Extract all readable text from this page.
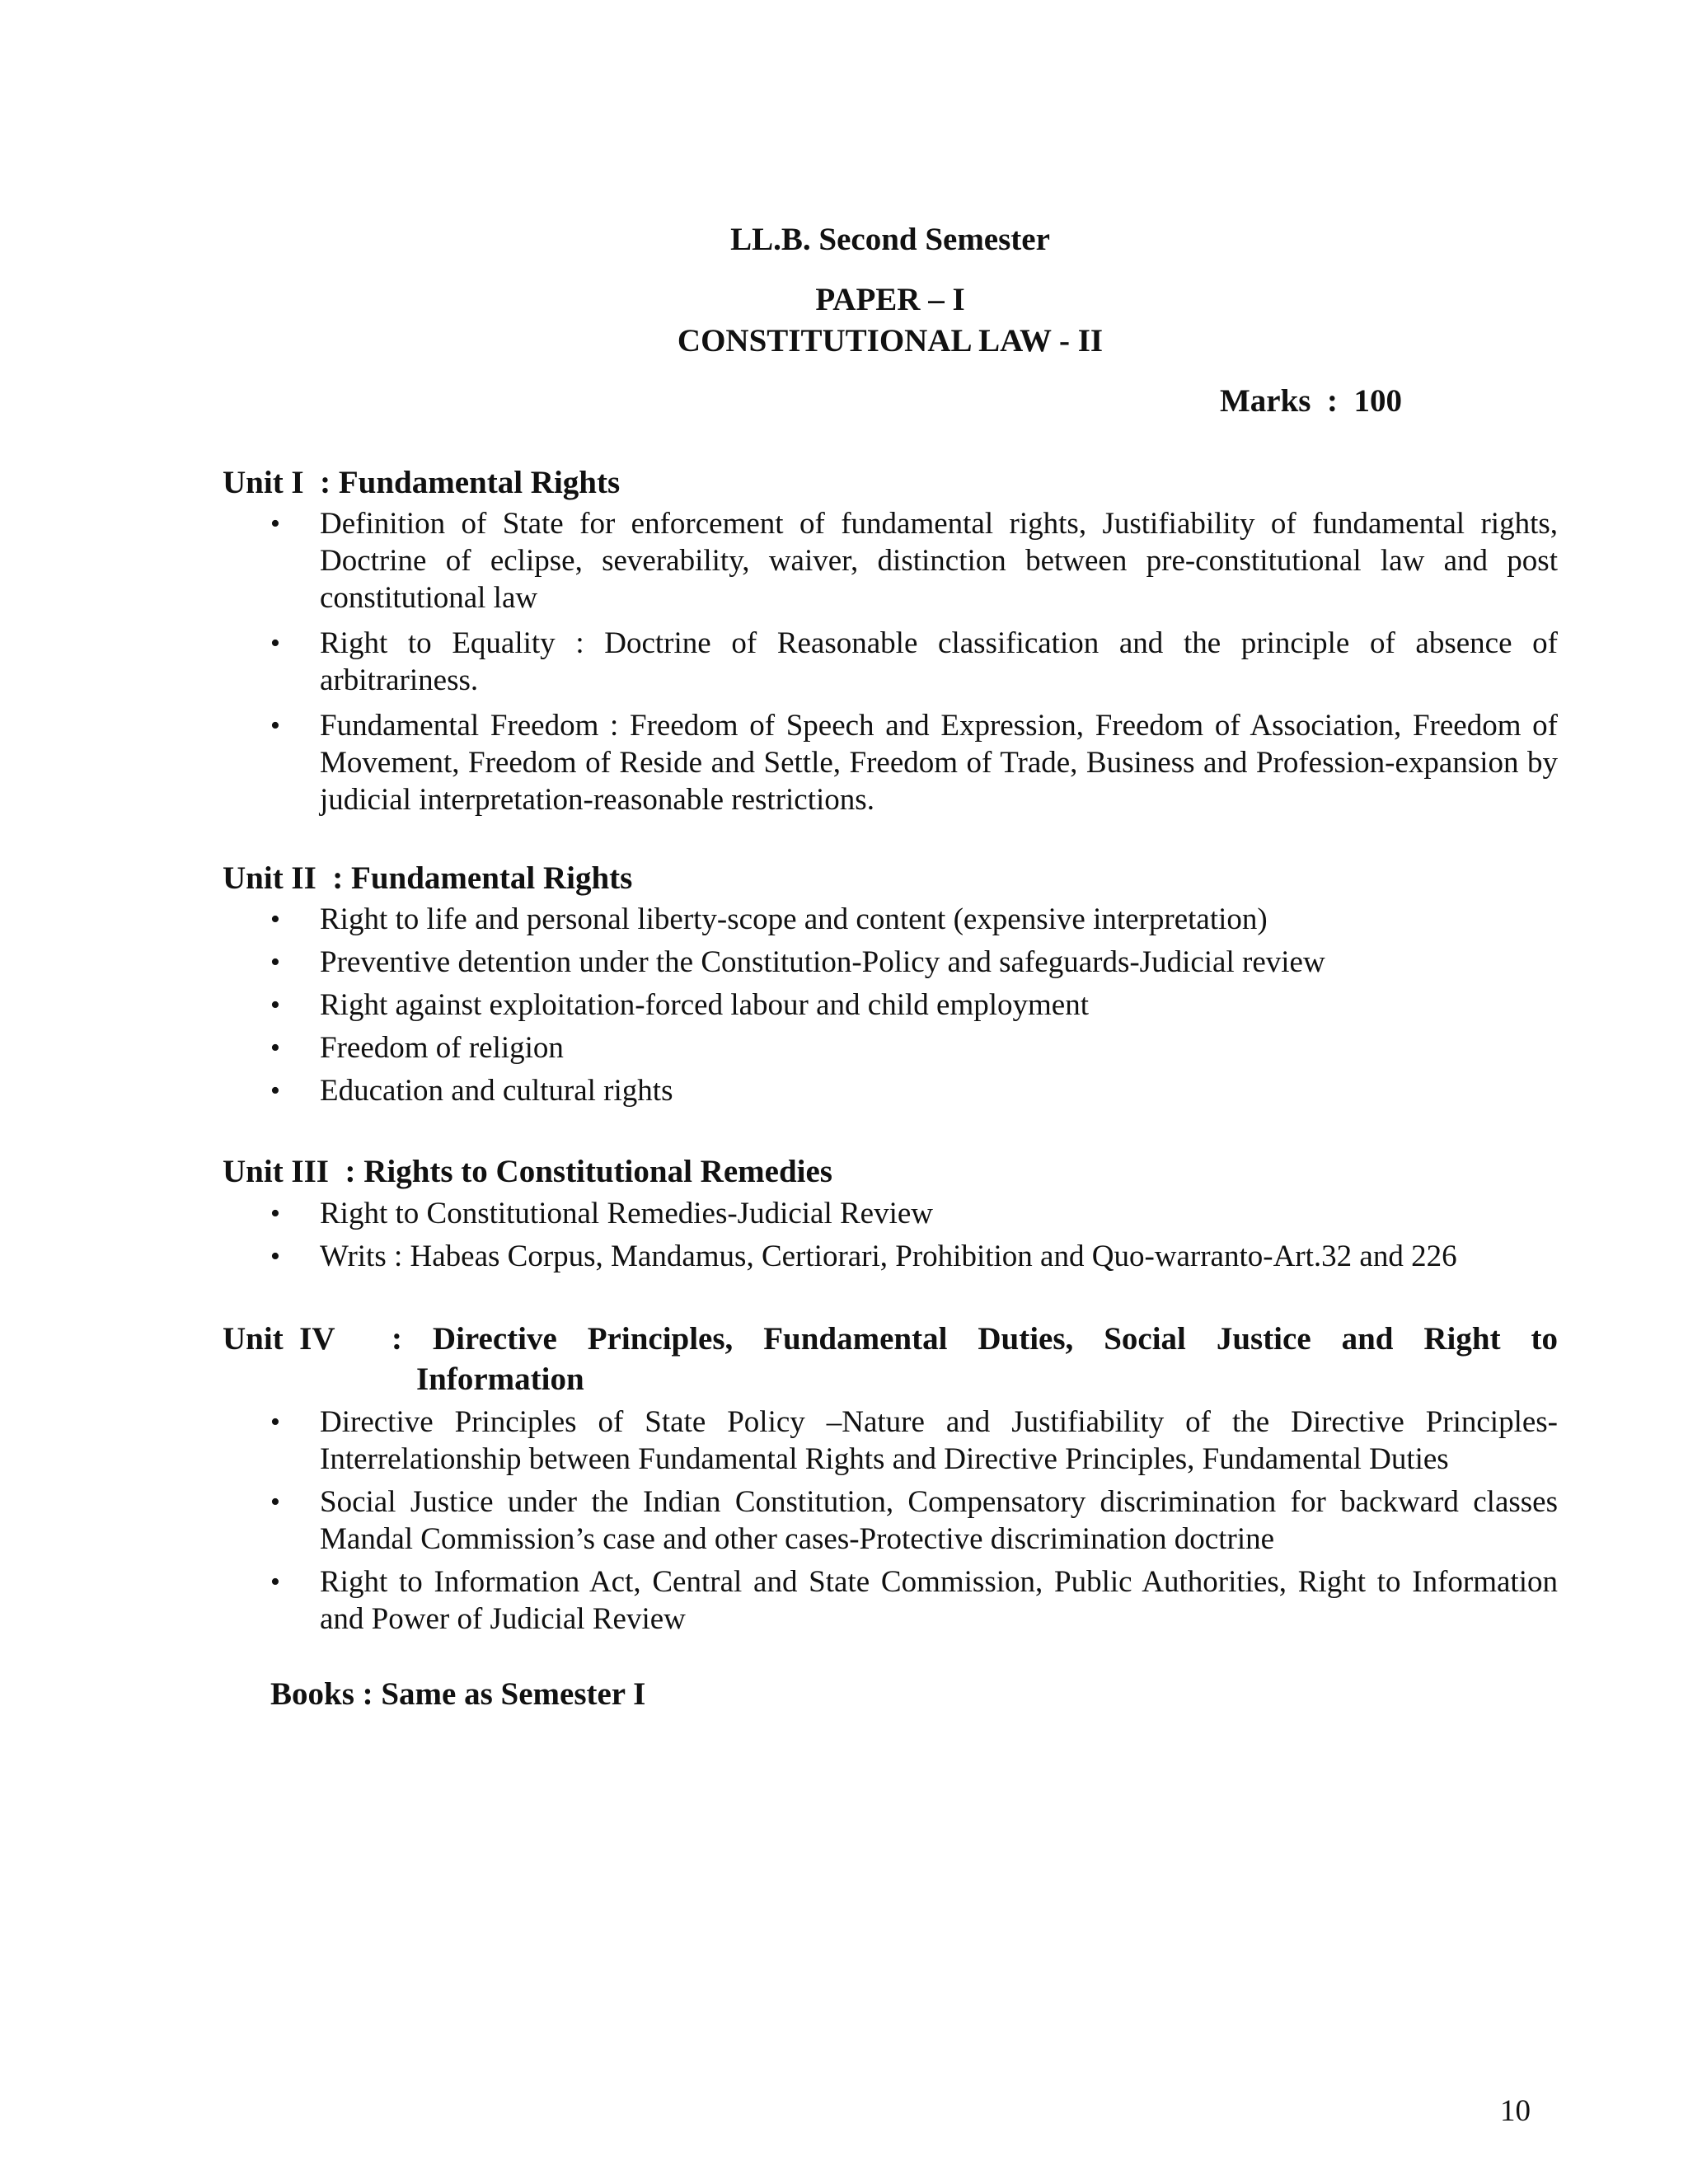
LL.B. Second Semester
PAPER – I
CONSTITUTIONAL LAW - II
Marks  :  100
Unit I  : Fundamental Rights
• Definition of State for enforcement of fundamental rights, Justifiability of fundamental rights, Doctrine of eclipse, severability, waiver, distinction between pre-constitutional law and post constitutional law
• Right to Equality : Doctrine of Reasonable classification and the principle of absence of arbitrariness.
• Fundamental Freedom : Freedom of Speech and Expression, Freedom of Association, Freedom of Movement, Freedom of Reside and Settle, Freedom of Trade, Business and Profession-expansion by judicial interpretation-reasonable restrictions.
Unit II  : Fundamental Rights
• Right to life and personal liberty-scope and content (expensive interpretation)
• Preventive detention under the Constitution-Policy and safeguards-Judicial review
• Right against exploitation-forced labour and child employment
• Freedom of religion
• Education and cultural rights
Unit III  : Rights to Constitutional Remedies
• Right to Constitutional Remedies-Judicial Review
• Writs : Habeas Corpus, Mandamus, Certiorari, Prohibition and Quo-warranto-Art.32 and 226
Unit  IV : Directive Principles, Fundamental Duties, Social Justice and Right to
Information
• Directive Principles of State Policy –Nature and Justifiability of the Directive Principles-Interrelationship between Fundamental Rights and Directive Principles, Fundamental Duties
• Social Justice under the Indian Constitution, Compensatory discrimination for backward classes Mandal Commission’s case and other cases-Protective discrimination doctrine
• Right to Information Act, Central and State Commission, Public Authorities, Right to Information and Power of Judicial Review
Books : Same as Semester I
10
